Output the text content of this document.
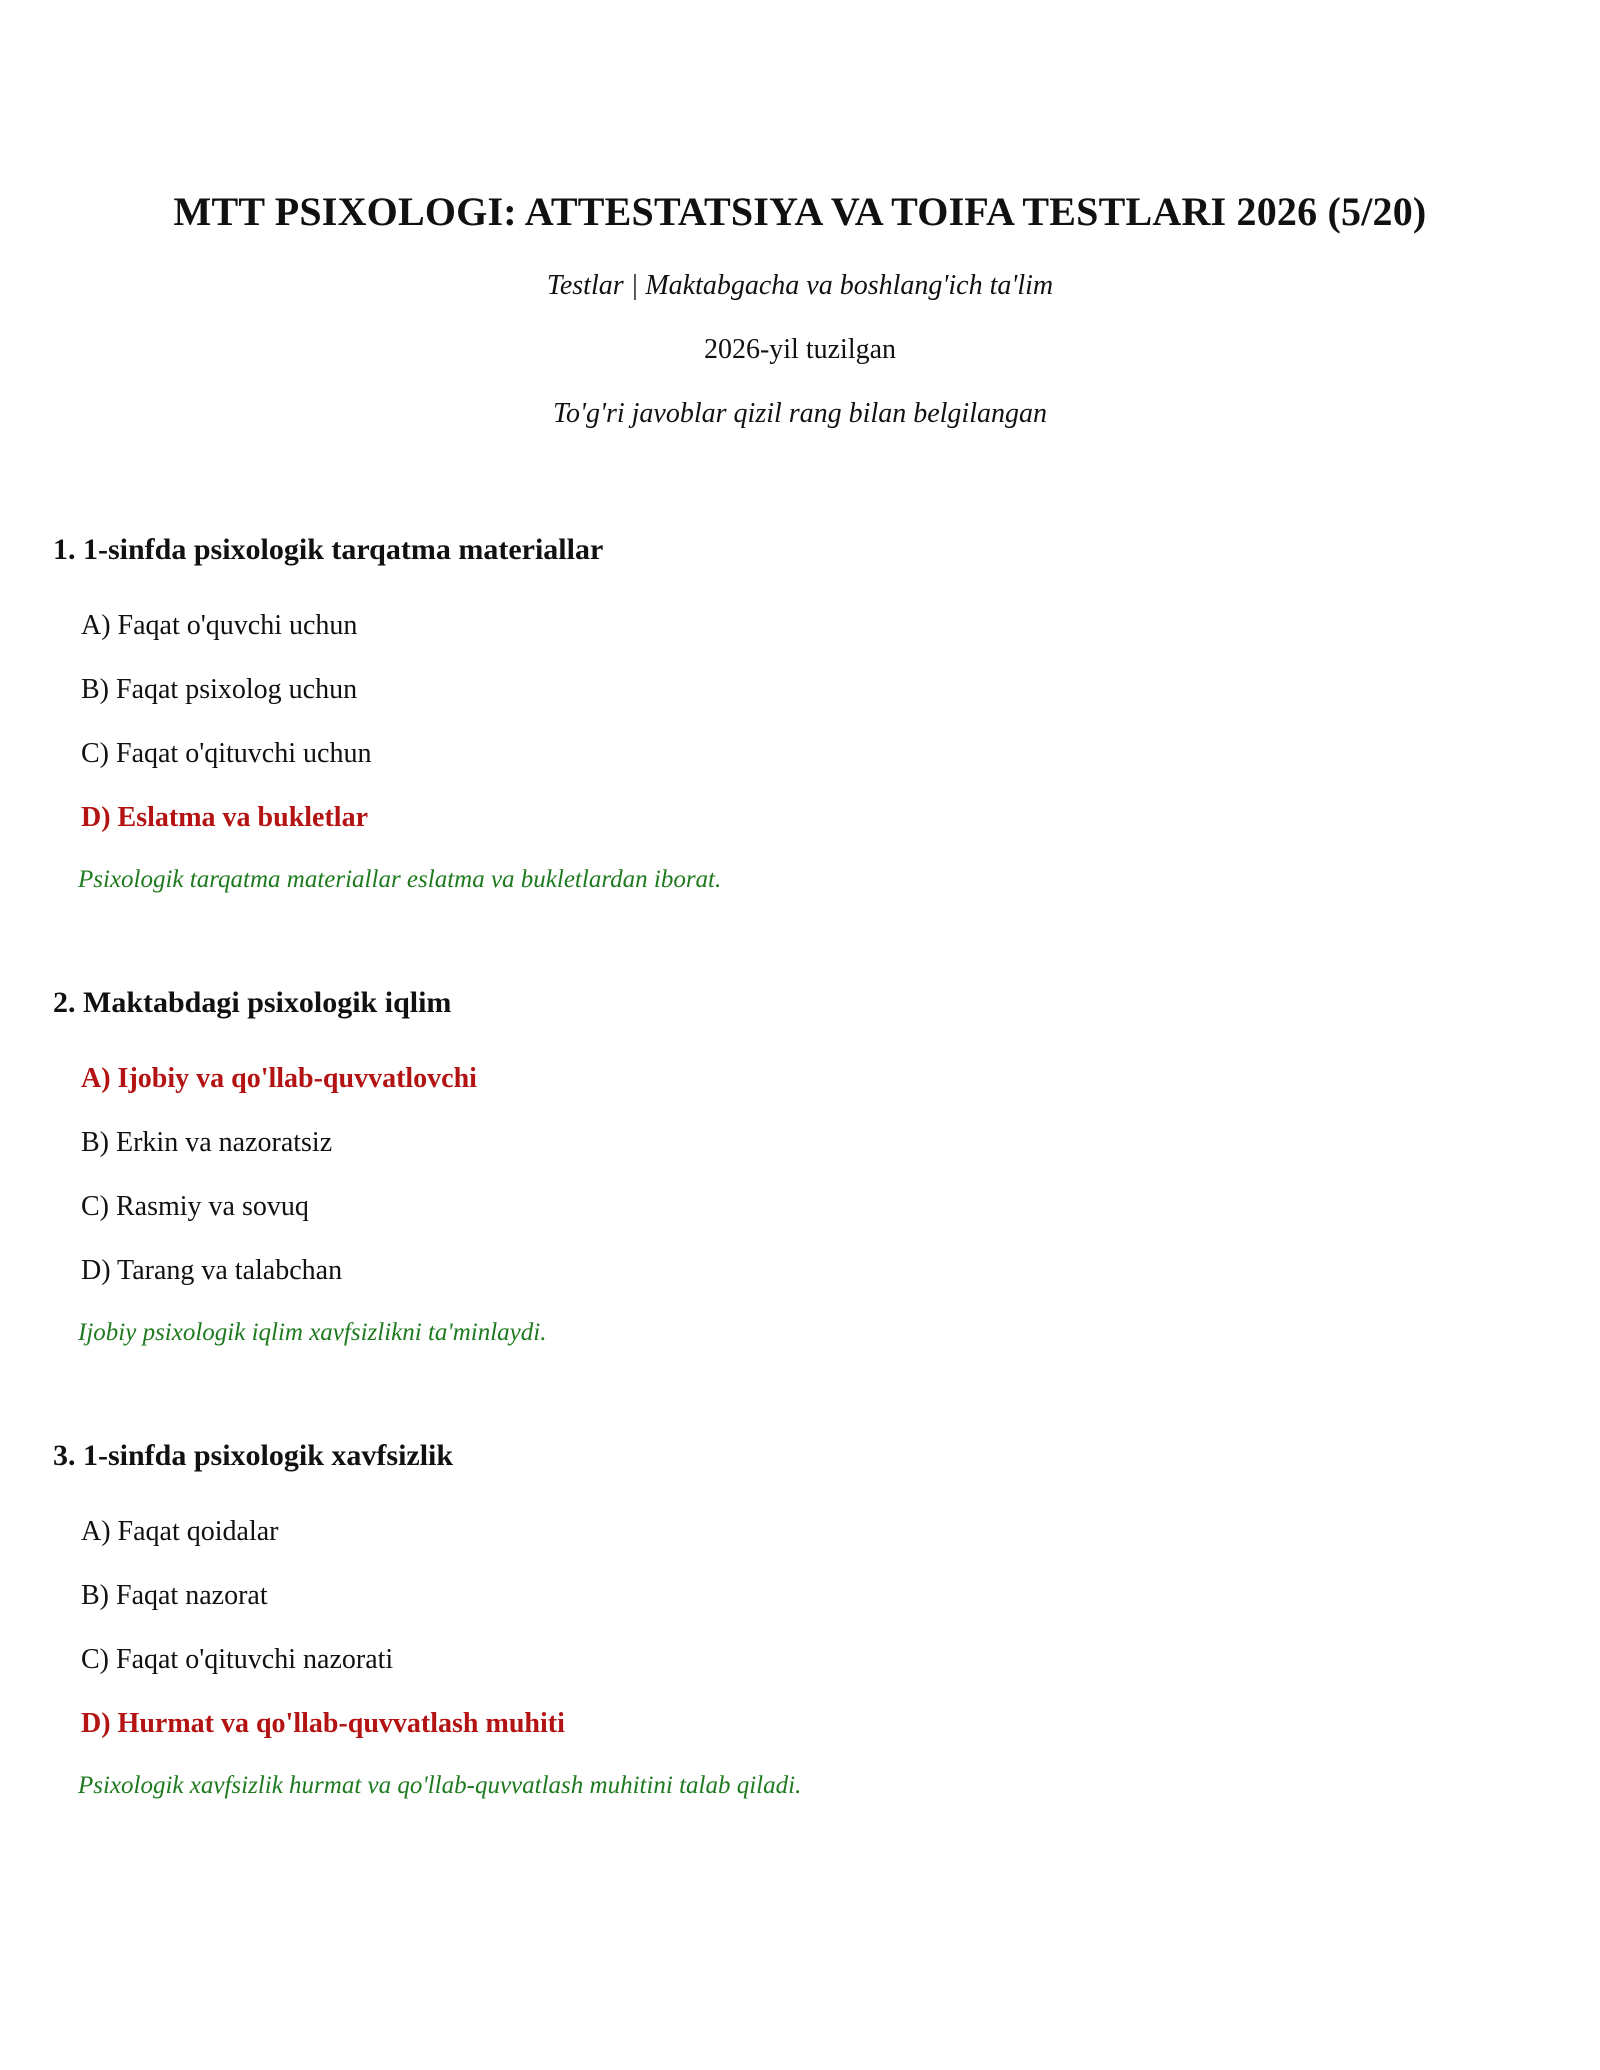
MTT PSIXOLOGI: ATTESTATSIYA VA TOIFA TESTLARI 2026 (5/20)
Testlar | Maktabgacha va boshlang'ich ta'lim
2026-yil tuzilgan
To'g'ri javoblar qizil rang bilan belgilangan
1. 1-sinfda psixologik tarqatma materiallar
A) Faqat o'quvchi uchun
B) Faqat psixolog uchun
C) Faqat o'qituvchi uchun
D) Eslatma va bukletlar
Psixologik tarqatma materiallar eslatma va bukletlardan iborat.
2. Maktabdagi psixologik iqlim
A) Ijobiy va qo'llab-quvvatlovchi
B) Erkin va nazoratsiz
C) Rasmiy va sovuq
D) Tarang va talabchan
Ijobiy psixologik iqlim xavfsizlikni ta'minlaydi.
3. 1-sinfda psixologik xavfsizlik
A) Faqat qoidalar
B) Faqat nazorat
C) Faqat o'qituvchi nazorati
D) Hurmat va qo'llab-quvvatlash muhiti
Psixologik xavfsizlik hurmat va qo'llab-quvvatlash muhitini talab qiladi.
